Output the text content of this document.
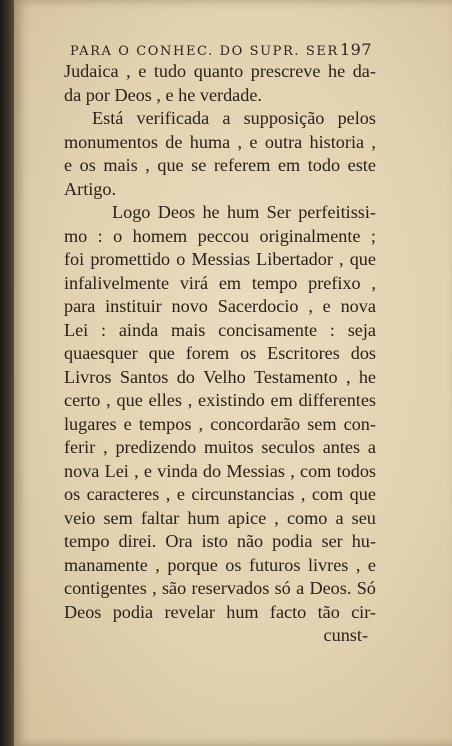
PARA O CONHEC. DO SUPR. SER 197
Judaica , e tudo quanto prescreve he da-
da por Deos , e he verdade.
Está verificada a supposição pelos
monumentos de huma , e outra historia ,
e os mais , que se referem em todo este
Artigo.
Logo Deos he hum Ser perfeitissi-
mo : o homem peccou originalmente ;
foi promettido o Messias Libertador , que
infalivelmente virá em tempo prefixo ,
para instituir novo Sacerdocio , e nova
Lei : ainda mais concisamente : seja
quaesquer que forem os Escritores dos
Livros Santos do Velho Testamento , he
certo , que elles , existindo em differentes
lugares e tempos , concordarão sem con-
ferir , predizendo muitos seculos antes a
nova Lei , e vinda do Messias , com todos
os caracteres , e circunstancias , com que
veio sem faltar hum apice , como a seu
tempo direi. Ora isto não podia ser hu-
manamente , porque os futuros livres , e
contigentes , são reservados só a Deos. Só
Deos podia revelar hum facto tão cir-
cunst-
